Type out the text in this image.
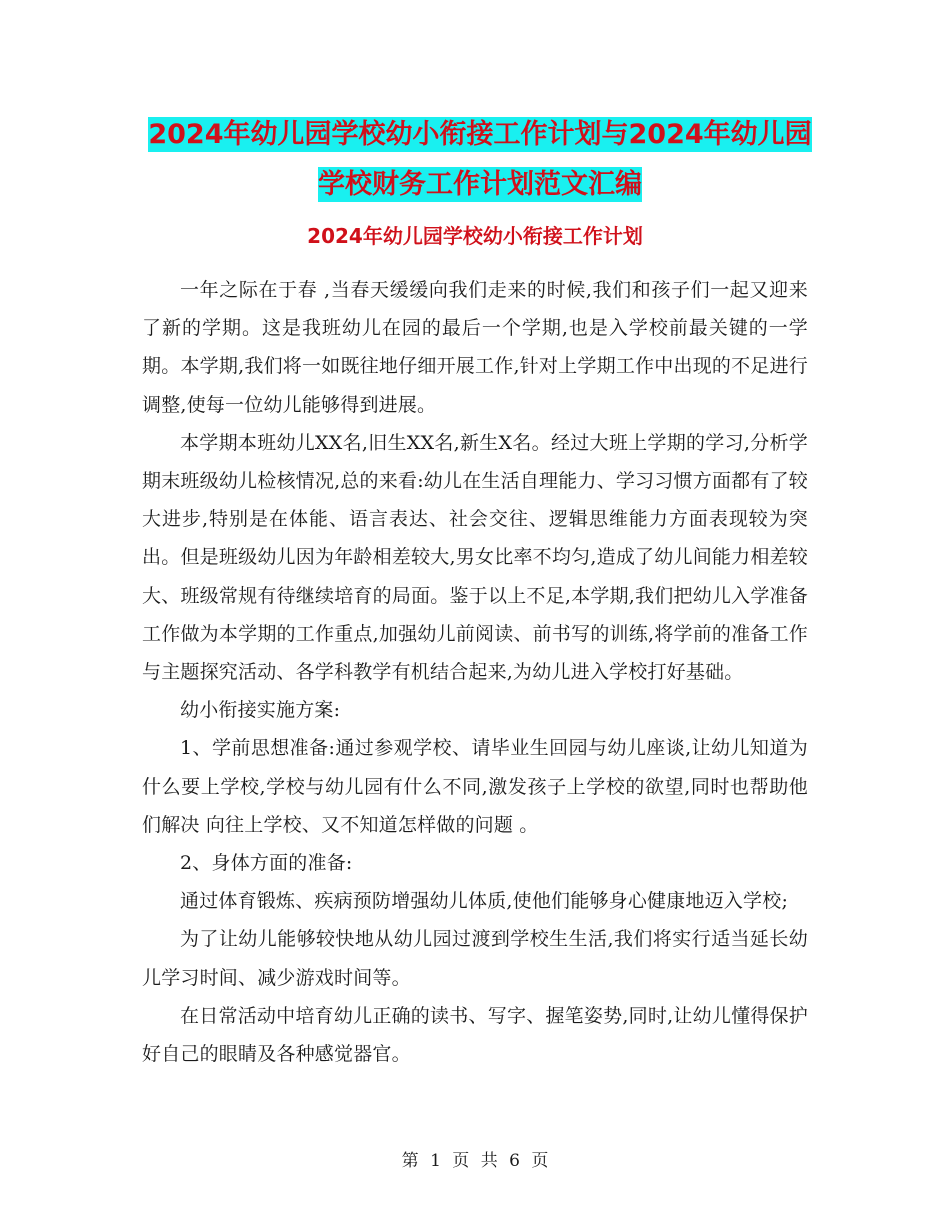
2024年幼儿园学校幼小衔接工作计划与2024年幼儿园学校财务工作计划范文汇编
2024年幼儿园学校幼小衔接工作计划

一年之际在于春 ,当春天缓缓向我们走来的时候,我们和孩子们一起又迎来了新的学期。这是我班幼儿在园的最后一个学期,也是入学校前最关键的一学期。本学期,我们将一如既往地仔细开展工作,针对上学期工作中出现的不足进行调整,使每一位幼儿能够得到进展。

本学期本班幼儿XX名,旧生XX名,新生X名。经过大班上学期的学习,分析学期末班级幼儿检核情况,总的来看:幼儿在生活自理能力、学习习惯方面都有了较大进步,特别是在体能、语言表达、社会交往、逻辑思维能力方面表现较为突出。但是班级幼儿因为年龄相差较大,男女比率不均匀,造成了幼儿间能力相差较大、班级常规有待继续培育的局面。鉴于以上不足,本学期,我们把幼儿入学准备工作做为本学期的工作重点,加强幼儿前阅读、前书写的训练,将学前的准备工作与主题探究活动、各学科教学有机结合起来,为幼儿进入学校打好基础。

幼小衔接实施方案:

1、学前思想准备:通过参观学校、请毕业生回园与幼儿座谈,让幼儿知道为什么要上学校,学校与幼儿园有什么不同,激发孩子上学校的欲望,同时也帮助他们解决 向往上学校、又不知道怎样做的问题 。

2、身体方面的准备:

通过体育锻炼、疾病预防增强幼儿体质,使他们能够身心健康地迈入学校;

为了让幼儿能够较快地从幼儿园过渡到学校生生活,我们将实行适当延长幼儿学习时间、减少游戏时间等。

在日常活动中培育幼儿正确的读书、写字、握笔姿势,同时,让幼儿懂得保护好自己的眼睛及各种感觉器官。

第 1 页 共 6 页
